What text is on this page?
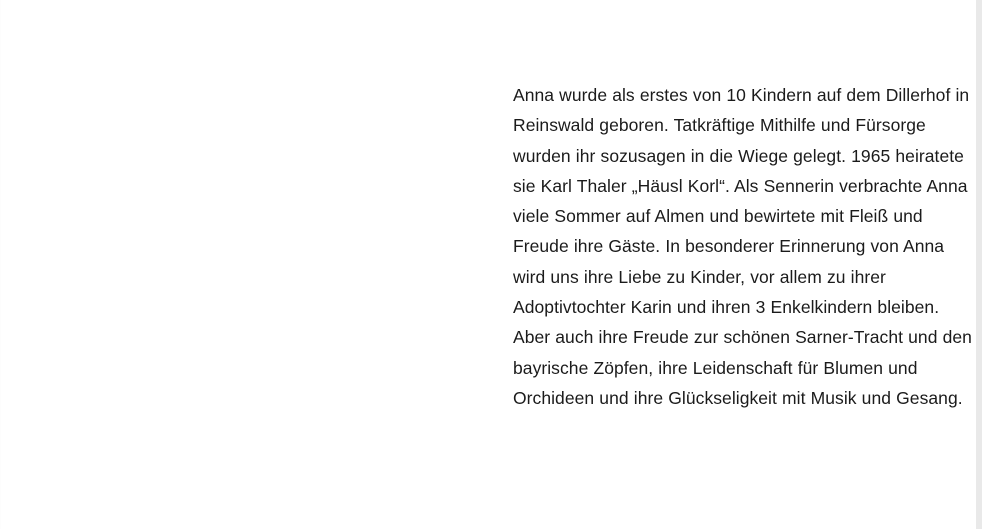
Anna wurde als erstes von 10 Kindern auf dem Dillerhof in Reinswald geboren. Tatkräftige Mithilfe und Fürsorge wurden ihr sozusagen in die Wiege gelegt. 1965 heiratete sie Karl Thaler „Häusl Korl“. Als Sennerin verbrachte Anna viele Sommer auf Almen und bewirtete mit Fleiß und Freude ihre Gäste. In besonderer Erinnerung von Anna wird uns ihre Liebe zu Kinder, vor allem zu ihrer Adoptivtochter Karin und ihren 3 Enkelkindern bleiben. Aber auch ihre Freude zur schönen Sarner-Tracht und den bayrische Zöpfen, ihre Leidenschaft für Blumen und Orchideen und ihre Glückseligkeit mit Musik und Gesang.
